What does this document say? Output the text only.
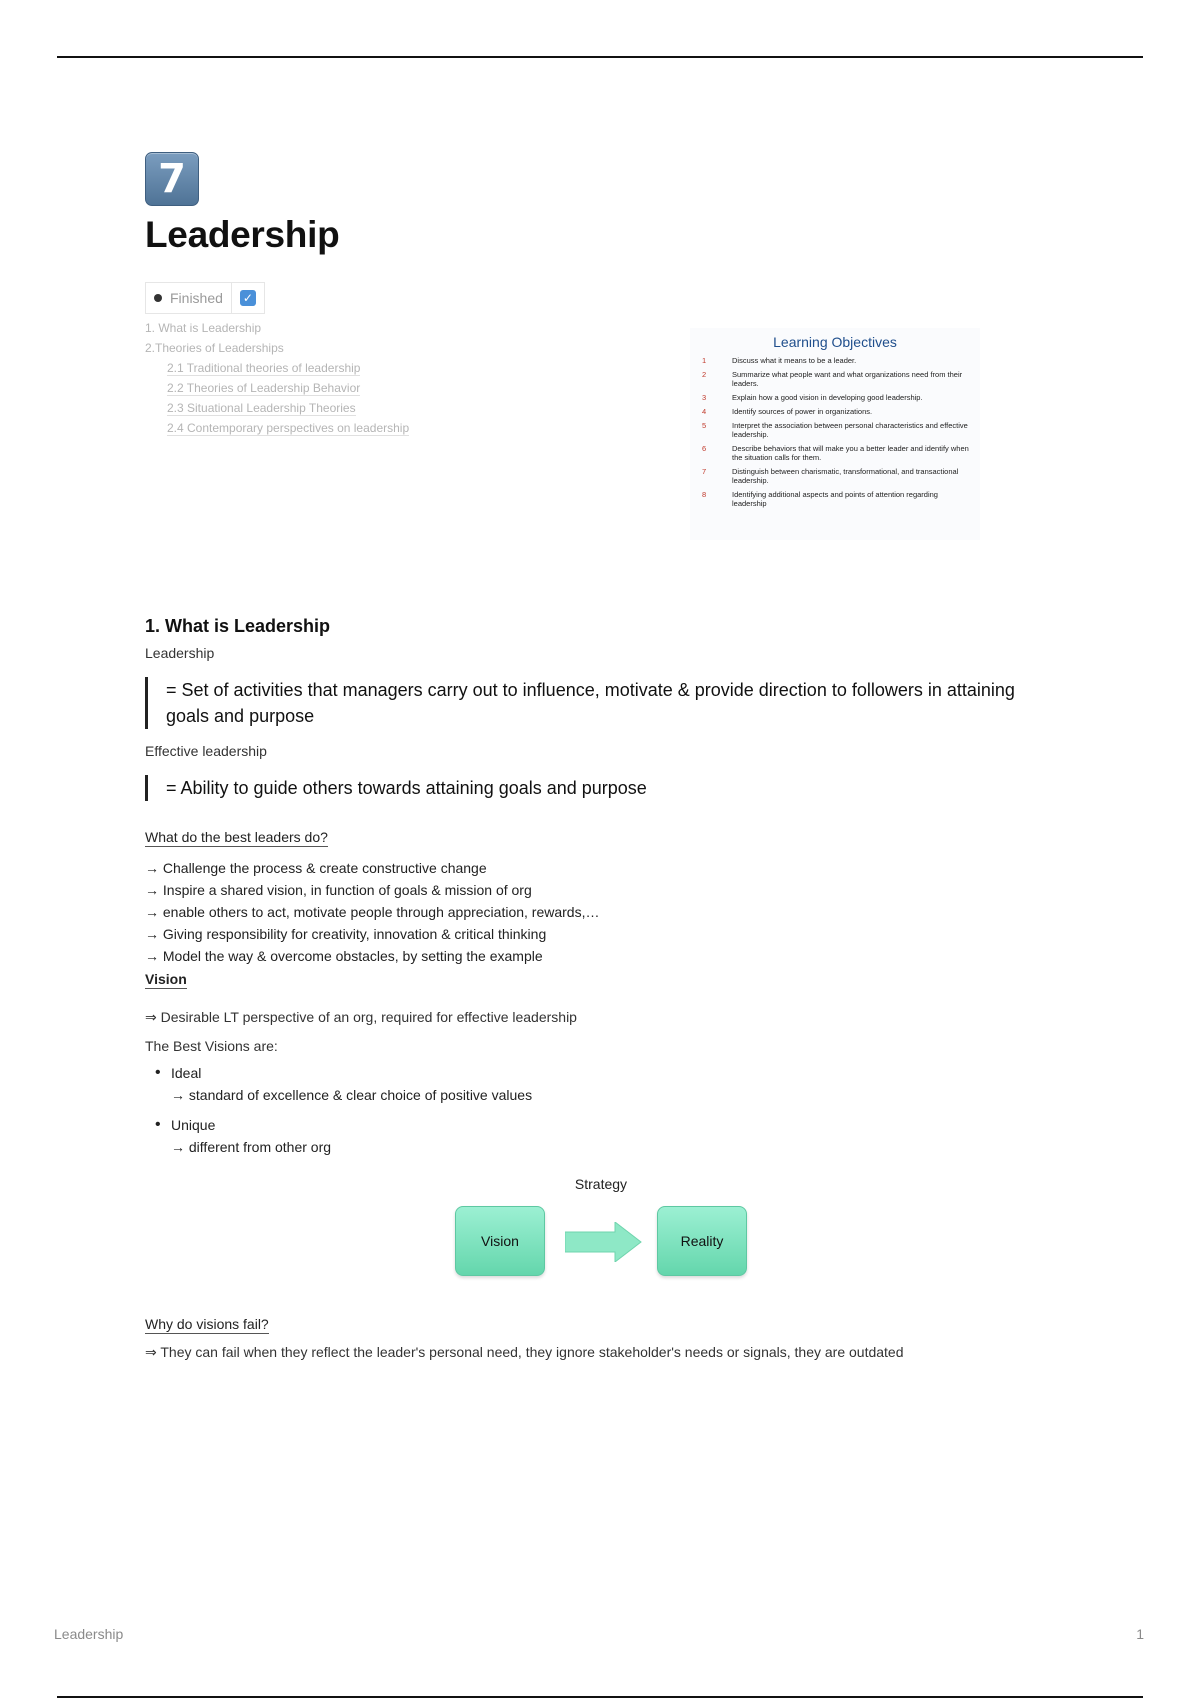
7
Leadership
Finished ✓
1. What is Leadership
2.Theories of Leaderships
2.1 Traditional theories of leadership
2.2 Theories of Leadership Behavior
2.3 Situational Leadership Theories
2.4 Contemporary perspectives on leadership
Learning Objectives
1	Discuss what it means to be a leader.
2	Summarize what people want and what organizations need from their leaders.
3	Explain how a good vision in developing good leadership.
4	Identify sources of power in organizations.
5	Interpret the association between personal characteristics and effective leadership.
6	Describe behaviors that will make you a better leader and identify when the situation calls for them.
7	Distinguish between charismatic, transformational, and transactional leadership.
8	Identifying additional aspects and points of attention regarding leadership
1. What is Leadership
Leadership
= Set of activities that managers carry out to influence, motivate & provide direction to followers in attaining goals and purpose
Effective leadership
= Ability to guide others towards attaining goals and purpose
What do the best leaders do?
→ Challenge the process & create constructive change
→ Inspire a shared vision, in function of goals & mission of org
→ enable others to act, motivate people through appreciation, rewards,…
→ Giving responsibility for creativity, innovation & critical thinking
→ Model the way & overcome obstacles, by setting the example
Vision
⇒ Desirable LT perspective of an org, required for effective leadership
The Best Visions are:
• Ideal
→ standard of excellence & clear choice of positive values
• Unique
→ different from other org
Strategy
Vision	Reality
Why do visions fail?
⇒ They can fail when they reflect the leader's personal need, they ignore stakeholder's needs or signals, they are outdated
Leadership	1
